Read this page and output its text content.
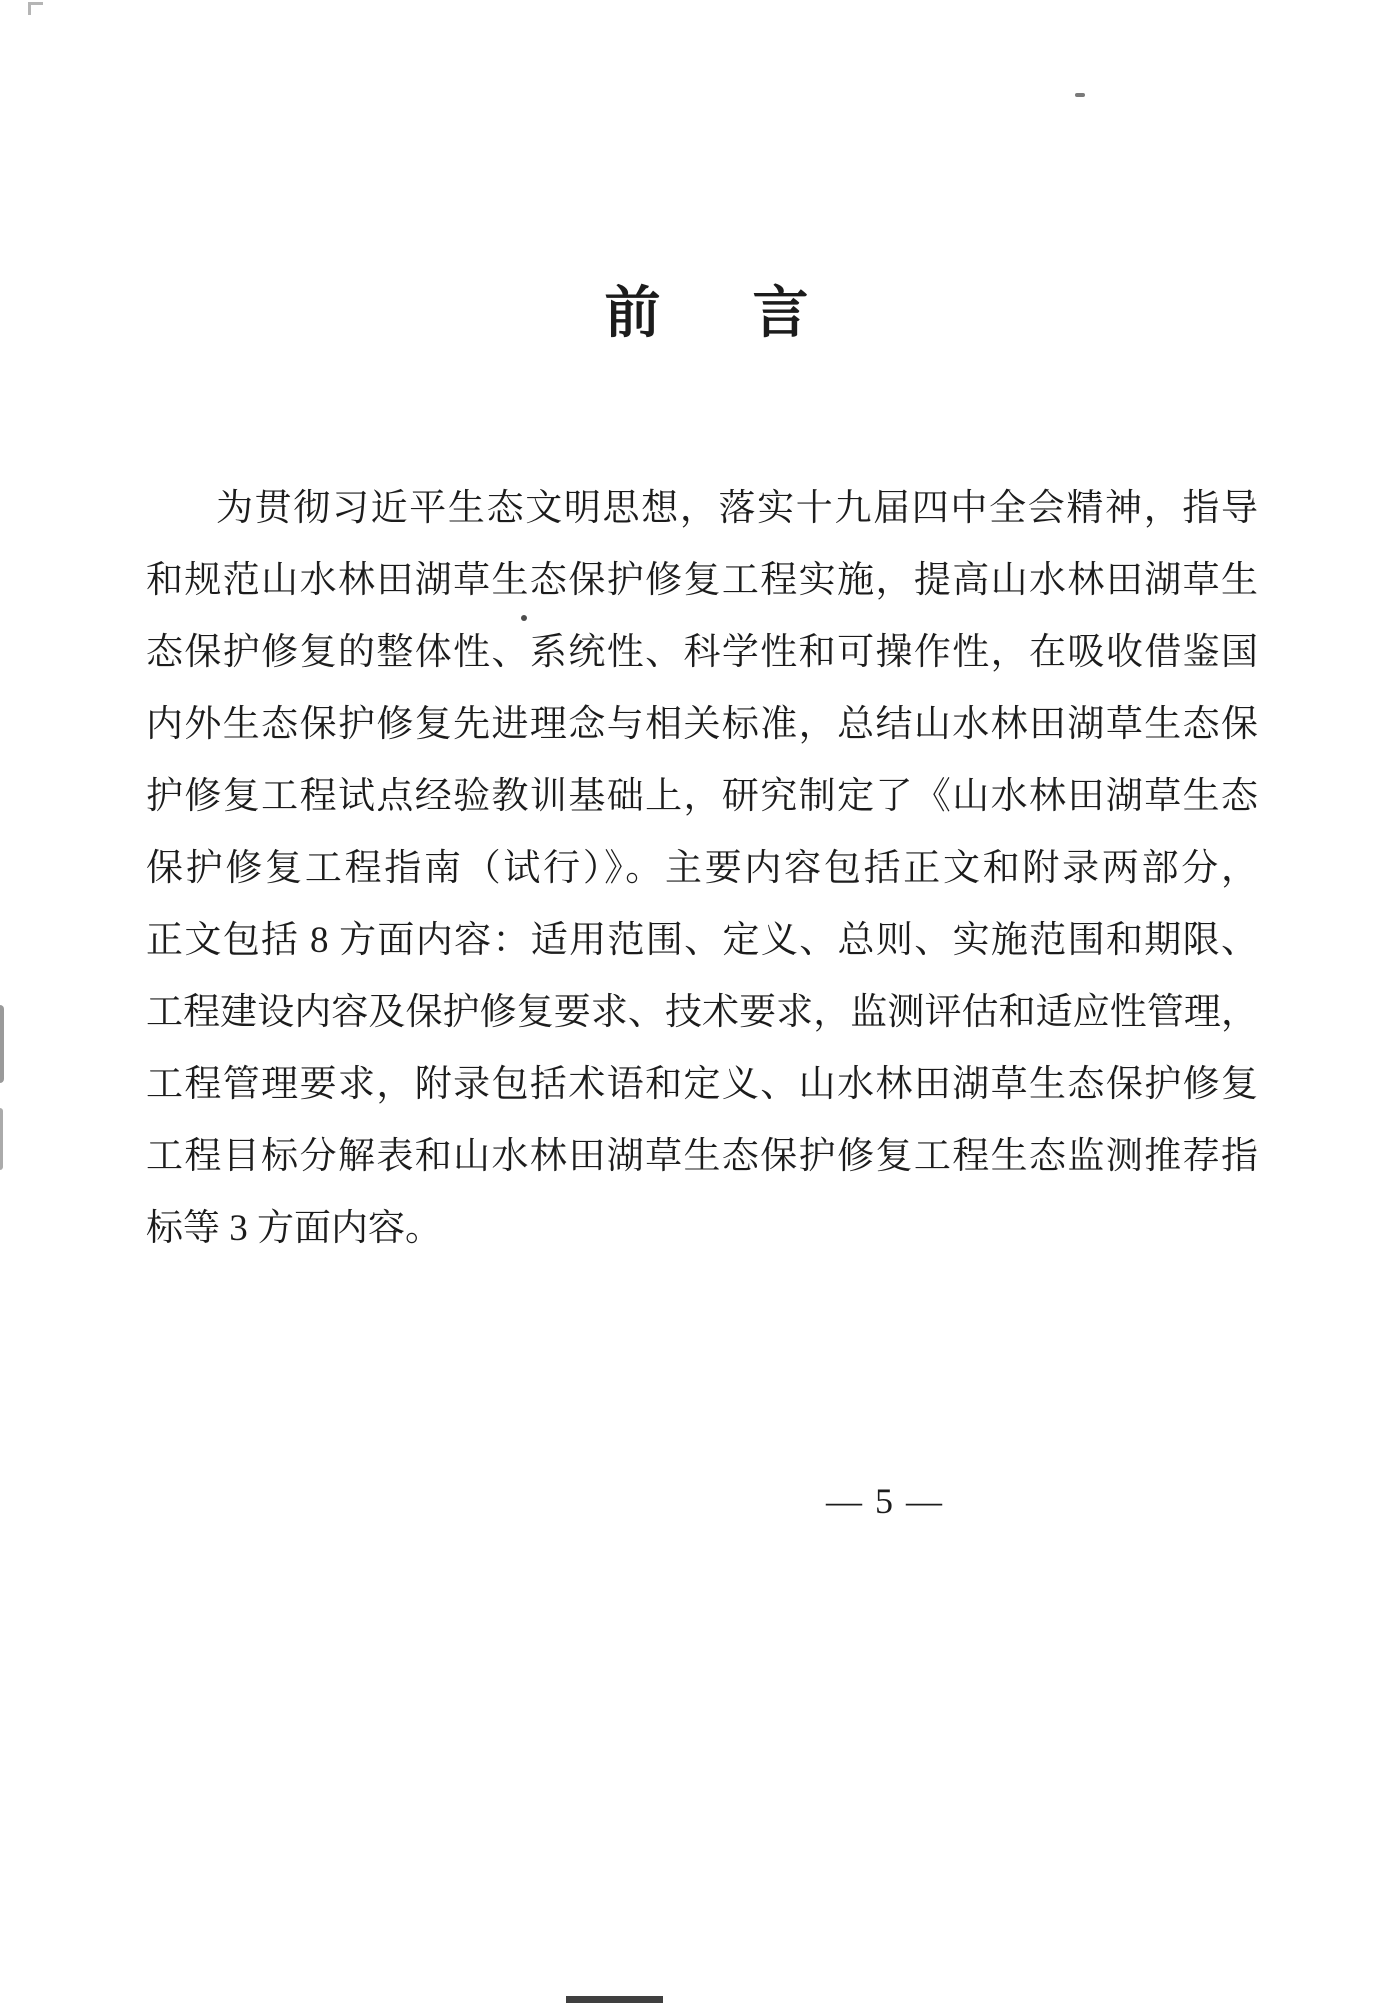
前 言
为贯彻习近平生态文明思想，落实十九届四中全会精神，指导
和规范山水林田湖草生态保护修复工程实施，提高山水林田湖草生
态保护修复的整体性、系统性、科学性和可操作性，在吸收借鉴国
内外生态保护修复先进理念与相关标准，总结山水林田湖草生态保
护修复工程试点经验教训基础上，研究制定了《山水林田湖草生态
保护修复工程指南（试行）》。主要内容包括正文和附录两部分，
正文包括 8 方面内容：适用范围、定义、总则、实施范围和期限、
工程建设内容及保护修复要求、技术要求，监测评估和适应性管理，
工程管理要求，附录包括术语和定义、山水林田湖草生态保护修复
工程目标分解表和山水林田湖草生态保护修复工程生态监测推荐指
标等 3 方面内容。
— 5 —
